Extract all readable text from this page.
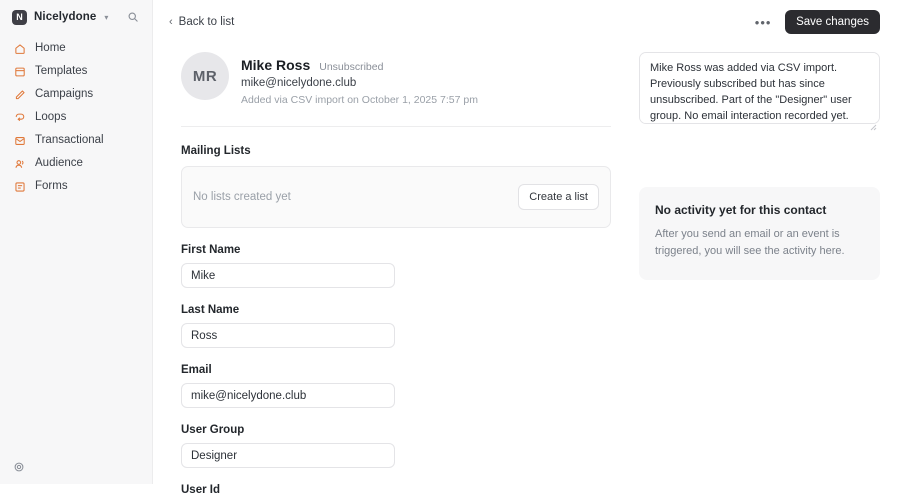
N Nicelydone ▾
Home
Templates
Campaigns
Loops
Transactional
Audience
Forms
‹ Back to list	•••	Save changes
MR
Mike Ross Unsubscribed
mike@nicelydone.club
Added via CSV import on October 1, 2025 7:57 pm
Mailing Lists
No lists created yet	Create a list
First Name
Mike
Last Name
Ross
Email
mike@nicelydone.club
User Group
Designer
User Id
Mike Ross was added via CSV import. Previously subscribed but has since unsubscribed. Part of the "Designer" user group. No email interaction recorded yet.
No activity yet for this contact
After you send an email or an event is triggered, you will see the activity here.
